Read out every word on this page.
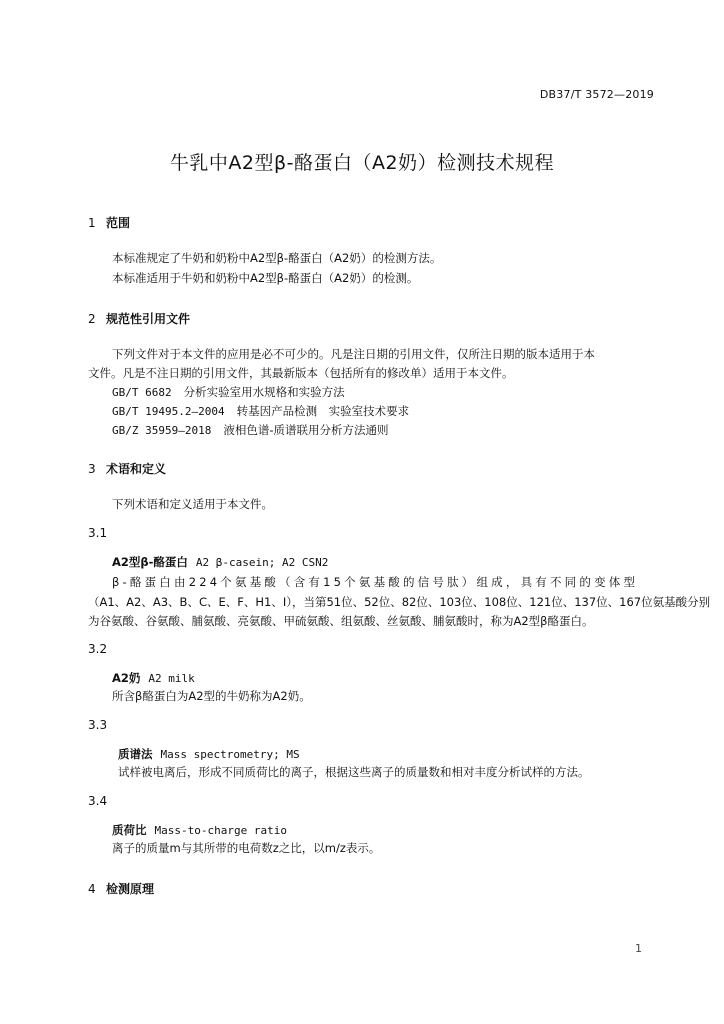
DB37/T 3572—2019
牛乳中A2型β-酪蛋白（A2奶）检测技术规程
1 范围
本标准规定了牛奶和奶粉中A2型β-酪蛋白（A2奶）的检测方法。
本标准适用于牛奶和奶粉中A2型β-酪蛋白（A2奶）的检测。
2 规范性引用文件
下列文件对于本文件的应用是必不可少的。凡是注日期的引用文件，仅所注日期的版本适用于本
文件。凡是不注日期的引用文件，其最新版本（包括所有的修改单）适用于本文件。
GB/T 6682 分析实验室用水规格和实验方法
GB/T 19495.2—2004 转基因产品检测　实验室技术要求
GB/Z 35959—2018 液相色谱-质谱联用分析方法通则
3 术语和定义
下列术语和定义适用于本文件。
3.1
A2型β-酪蛋白 A2 β-casein; A2 CSN2
β-酪蛋白由224个氨基酸（含有15个氨基酸的信号肽）组成，具有不同的变体型
（A1、A2、A3、B、C、E、F、H1、I），当第51位、52位、82位、103位、108位、121位、137位、167位氨基酸分别
为谷氨酸、谷氨酸、脯氨酸、亮氨酸、甲硫氨酸、组氨酸、丝氨酸、脯氨酸时，称为A2型β酪蛋白。
3.2
A2奶 A2 milk
所含β酪蛋白为A2型的牛奶称为A2奶。
3.3
质谱法 Mass spectrometry; MS
试样被电离后，形成不同质荷比的离子，根据这些离子的质量数和相对丰度分析试样的方法。
3.4
质荷比 Mass-to-charge ratio
离子的质量m与其所带的电荷数z之比，以m/z表示。
4 检测原理
1
